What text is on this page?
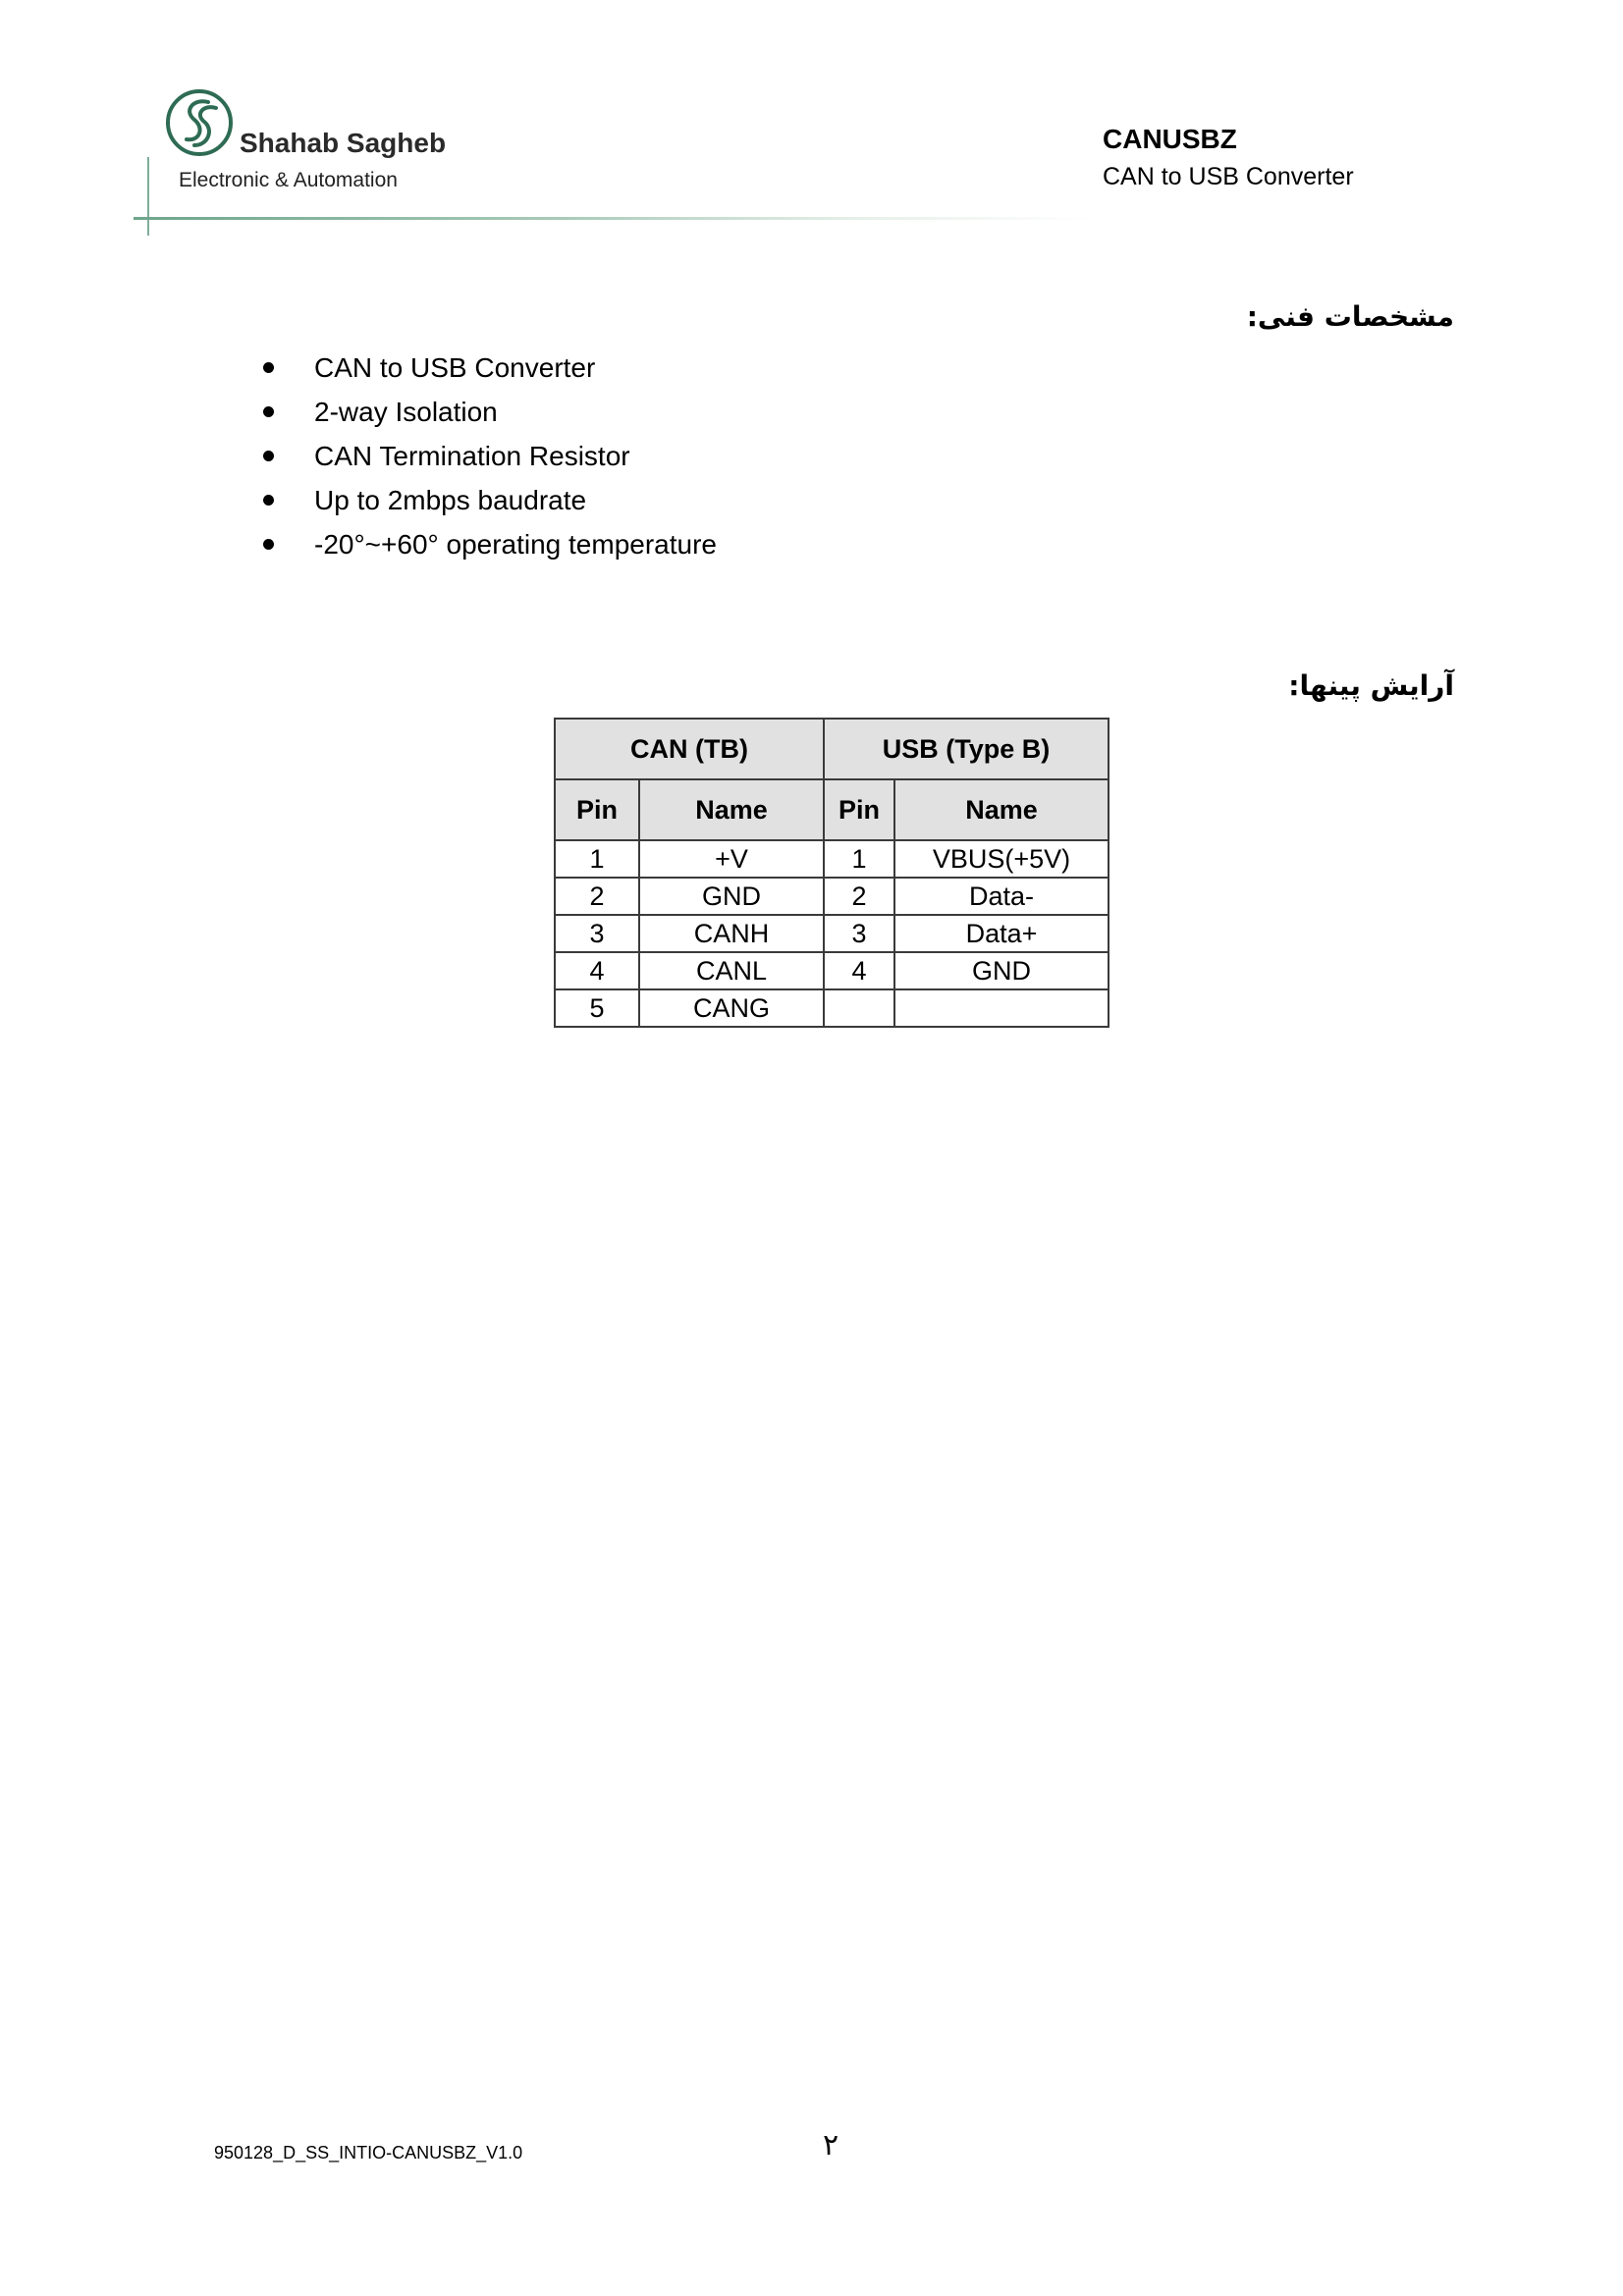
Shahab Sagheb
Electronic & Automation
CANUSBZ
CAN to USB Converter
مشخصات فنی:
CAN to USB Converter
2-way Isolation
CAN Termination Resistor
Up to 2mbps baudrate
-20°~+60° operating temperature
آرایش پینها:
CAN (TB)		USB (Type B)	
Pin	Name	Pin	Name
1	+V	1	VBUS(+5V)
2	GND	2	Data-
3	CANH	3	Data+
4	CANL	4	GND
5	CANG		
950128_D_SS_INTIO-CANUSBZ_V1.0	۲
